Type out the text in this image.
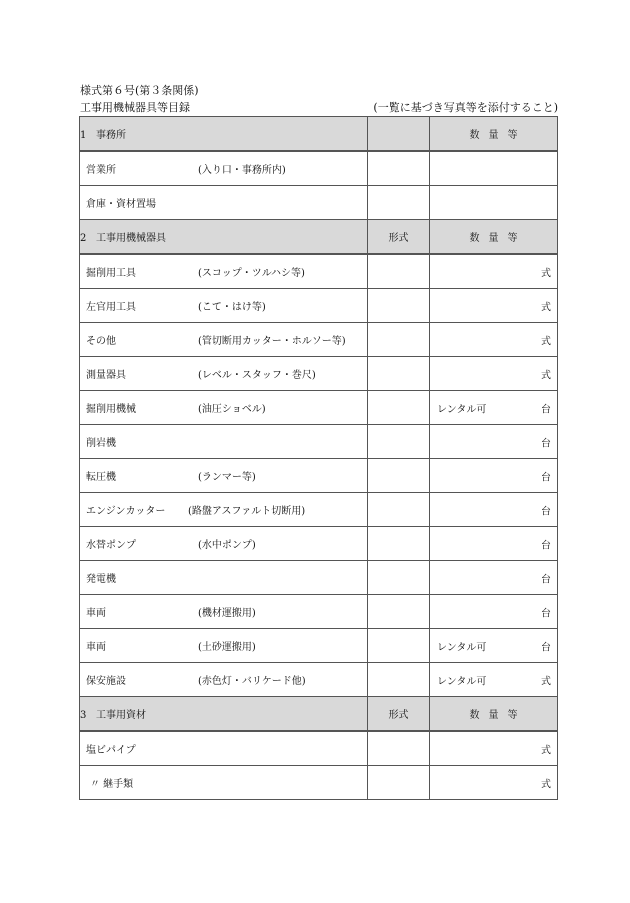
様式第６号(第３条関係)
工事用機械器具等目録	(一覧に基づき写真等を添付すること)
1 事務所		数量等

営業所 (入り口・事務所内)		

倉庫・資材置場		

2 工事用機械器具	形式	数量等

掘削用工具 (スコップ・ツルハシ等)		式

左官用工具 (こて・はけ等)		式

その他 (管切断用カッター・ホルソー等)		式

測量器具 (レベル・スタッフ・巻尺)		式

掘削用機械 (油圧ショベル)		レンタル可 台

削岩機		台

転圧機 (ランマー等)		台

エンジンカッター (路盤アスファルト切断用)		台

水替ポンプ (水中ポンプ)		台

発電機		台

車両 (機材運搬用)		台

車両 (土砂運搬用)		レンタル可 台

保安施設 (赤色灯・バリケード他)		レンタル可 式

3 工事用資材	形式	数量等

塩ビパイプ		式

〃 継手類		式
